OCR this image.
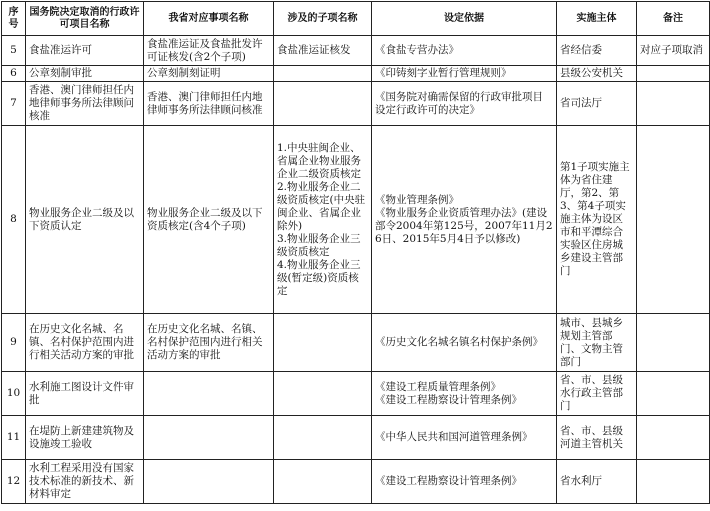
序号	国务院决定取消的行政许可项目名称	我省对应事项名称	涉及的子项名称	设定依据	实施主体	备注
5	食盐准运许可	食盐准运证及食盐批发许可证核发(含2个子项)	食盐准运证核发	《食盐专营办法》	省经信委	对应子项取消
6	公章刻制审批	公章刻制刻证明		《印铸刻字业暂行管理规则》	县级公安机关	
7	香港、澳门律师担任内地律师事务所法律顾问核准	香港、澳门律师担任内地律师事务所法律顾问核准		《国务院对确需保留的行政审批项目设定行政许可的决定》	省司法厅	
8	物业服务企业二级及以下资质认定	物业服务企业二级及以下资质核定(含4个子项)	1.中央驻闽企业、省属企业物业服务企业二级资质核定
2.物业服务企业二级资质核定(中央驻闽企业、省属企业除外)
3.物业服务企业三级资质核定
4.物业服务企业三级(暂定级)资质核定	《物业管理条例》
《物业服务企业资质管理办法》(建设部令2004年第125号，2007年11月26日、2015年5月4日予以修改)	第1子项实施主体为省住建厅，第2、第3、第4子项实施主体为设区市和平潭综合实验区住房城乡建设主管部门	
9	在历史文化名城、名镇、名村保护范围内进行相关活动方案的审批	在历史文化名城、名镇、名村保护范围内进行相关活动方案的审批		《历史文化名城名镇名村保护条例》	城市、县城乡规划主管部门、文物主管部门	
10	水利施工图设计文件审批			《建设工程质量管理条例》
《建设工程勘察设计管理条例》	省、市、县级水行政主管部门	
11	在堤防上新建建筑物及设施竣工验收			《中华人民共和国河道管理条例》	省、市、县级河道主管机关	
12	水利工程采用没有国家技术标准的新技术、新材料审定			《建设工程勘察设计管理条例》	省水利厅	
